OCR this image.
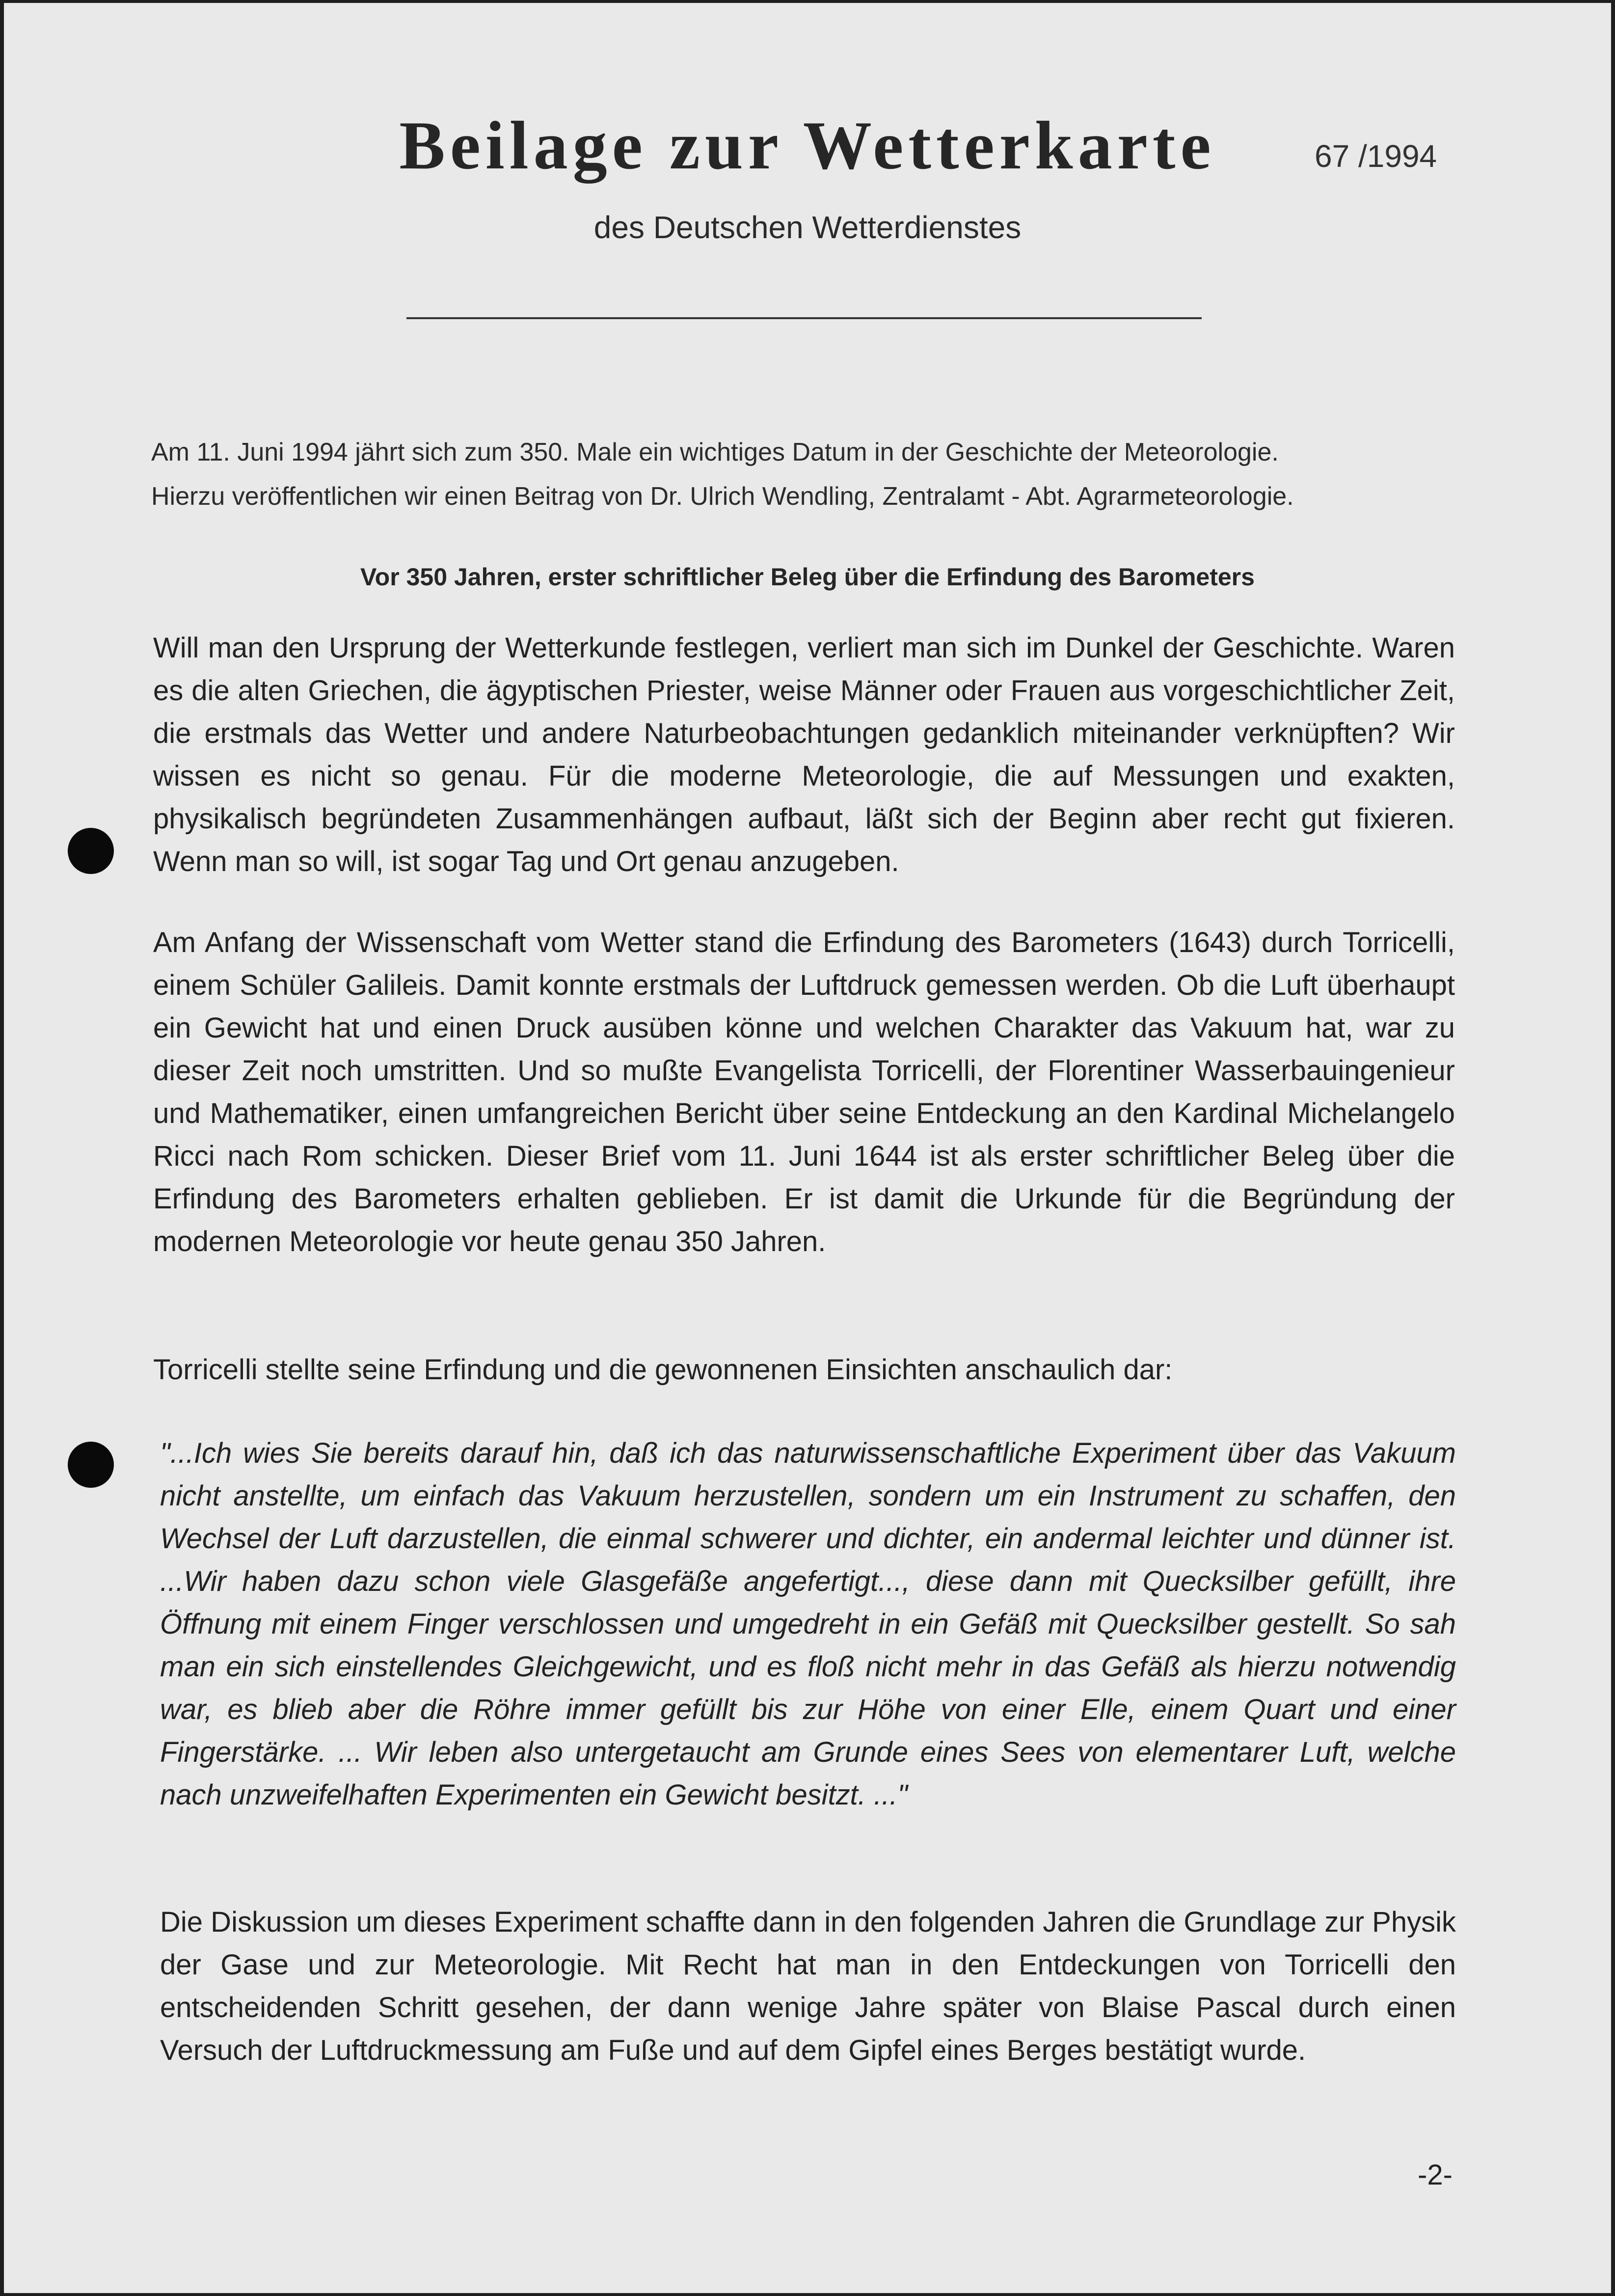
Beilage zur Wetterkarte	67 /1994
des Deutschen Wetterdienstes

Am 11. Juni 1994 jährt sich zum 350. Male ein wichtiges Datum in der Geschichte der Meteorologie.

Hierzu veröffentlichen wir einen Beitrag von Dr. Ulrich Wendling, Zentralamt - Abt. Agrarmeteorologie.

Vor 350 Jahren, erster schriftlicher Beleg über die Erfindung des Barometers

Will man den Ursprung der Wetterkunde festlegen, verliert man sich im Dunkel der Geschichte. Waren es die alten Griechen, die ägyptischen Priester, weise Männer oder Frauen aus vorgeschichtlicher Zeit, die erstmals das Wetter und andere Naturbeobachtungen gedanklich miteinander verknüpften? Wir wissen es nicht so genau. Für die moderne Meteorologie, die auf Messungen und exakten, physikalisch begründeten Zusammenhängen aufbaut, läßt sich der Beginn aber recht gut fixieren. Wenn man so will, ist sogar Tag und Ort genau anzugeben.

Am Anfang der Wissenschaft vom Wetter stand die Erfindung des Barometers (1643) durch Torricelli, einem Schüler Galileis. Damit konnte erstmals der Luftdruck gemessen werden. Ob die Luft überhaupt ein Gewicht hat und einen Druck ausüben könne und welchen Charakter das Vakuum hat, war zu dieser Zeit noch umstritten. Und so mußte Evangelista Torricelli, der Florentiner Wasserbauingenieur und Mathematiker, einen umfangreichen Bericht über seine Entdeckung an den Kardinal Michelangelo Ricci nach Rom schicken. Dieser Brief vom 11. Juni 1644 ist als erster schriftlicher Beleg über die Erfindung des Barometers erhalten geblieben. Er ist damit die Urkunde für die Begründung der modernen Meteorologie vor heute genau 350 Jahren.

Torricelli stellte seine Erfindung und die gewonnenen Einsichten anschaulich dar:

"...Ich wies Sie bereits darauf hin, daß ich das naturwissenschaftliche Experiment über das Vakuum nicht anstellte, um einfach das Vakuum herzustellen, sondern um ein Instrument zu schaffen, den Wechsel der Luft darzustellen, die einmal schwerer und dichter, ein andermal leichter und dünner ist. ...Wir haben dazu schon viele Glasgefäße angefertigt..., diese dann mit Quecksilber gefüllt, ihre Öffnung mit einem Finger verschlossen und umgedreht in ein Gefäß mit Quecksilber gestellt. So sah man ein sich einstellendes Gleichgewicht, und es floß nicht mehr in das Gefäß als hierzu notwendig war, es blieb aber die Röhre immer gefüllt bis zur Höhe von einer Elle, einem Quart und einer Fingerstärke. ... Wir leben also untergetaucht am Grunde eines Sees von elementarer Luft, welche nach unzweifelhaften Experimenten ein Gewicht besitzt. ..."

Die Diskussion um dieses Experiment schaffte dann in den folgenden Jahren die Grundlage zur Physik der Gase und zur Meteorologie. Mit Recht hat man in den Entdeckungen von Torricelli den entscheidenden Schritt gesehen, der dann wenige Jahre später von Blaise Pascal durch einen Versuch der Luftdruckmessung am Fuße und auf dem Gipfel eines Berges bestätigt wurde.

-2-
